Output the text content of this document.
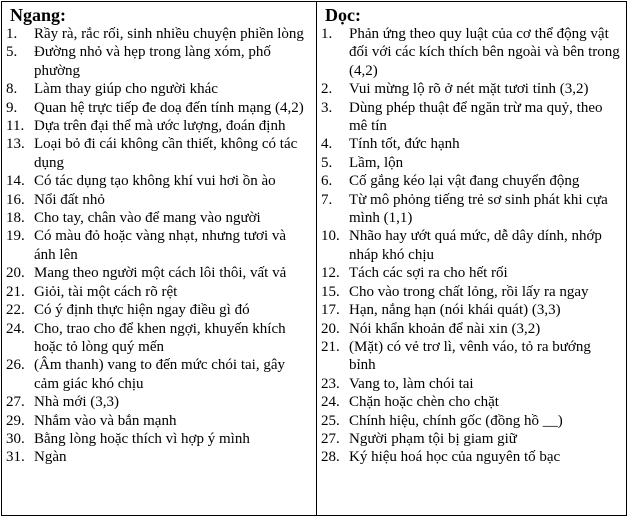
Ngang:
1.	Rầy rà, rắc rối, sinh nhiều chuyện phiền lòng
5.	Đường nhỏ và hẹp trong làng xóm, phố phường
8.	Làm thay giúp cho người khác
9.	Quan hệ trực tiếp đe doạ đến tính mạng (4,2)
11. Dựa trên đại thể mà ước lượng, đoán định
13. Loại bỏ đi cái không cần thiết, không có tác dụng
14. Có tác dụng tạo không khí vui hơi ồn ào
16. Nổi đất nhỏ
18. Cho tay, chân vào để mang vào người
19. Có màu đỏ hoặc vàng nhạt, nhưng tươi và ánh lên
20. Mang theo người một cách lôi thôi, vất vả
21. Giỏi, tài một cách rõ rệt
22. Có ý định thực hiện ngay điều gì đó
24. Cho, trao cho để khen ngợi, khuyến khích hoặc tỏ lòng quý mến
26. (Âm thanh) vang to đến mức chói tai, gây cảm giác khó chịu
27. Nhà mới (3,3)
29. Nhắm vào và bắn mạnh
30. Bằng lòng hoặc thích vì hợp ý mình
31. Ngàn
Dọc:
1.	Phản ứng theo quy luật của cơ thể động vật đối với các kích thích bên ngoài và bên trong (4,2)
2.	Vui mừng lộ rõ ở nét mặt tươi tỉnh (3,2)
3.	Dùng phép thuật để ngăn trừ ma quỷ, theo mê tín
4.	Tính tốt, đức hạnh
5.	Lầm, lộn
6.	Cố gắng kéo lại vật đang chuyển động
7.	Từ mô phỏng tiếng trẻ sơ sinh phát khi cựa mình (1,1)
10. Nhão hay ướt quá mức, dễ dây dính, nhớp nháp khó chịu
12. Tách các sợi ra cho hết rối
15. Cho vào trong chất lỏng, rồi lấy ra ngay
17. Hạn, nắng hạn (nói khái quát) (3,3)
20. Nói khẩn khoản để nài xin (3,2)
21. (Mặt) có vẻ trơ lì, vênh váo, tỏ ra bướng bỉnh
23. Vang to, làm chói tai
24. Chặn hoặc chèn cho chặt
25. Chính hiệu, chính gốc (đồng hồ __)
27. Người phạm tội bị giam giữ
28. Ký hiệu hoá học của nguyên tố bạc
